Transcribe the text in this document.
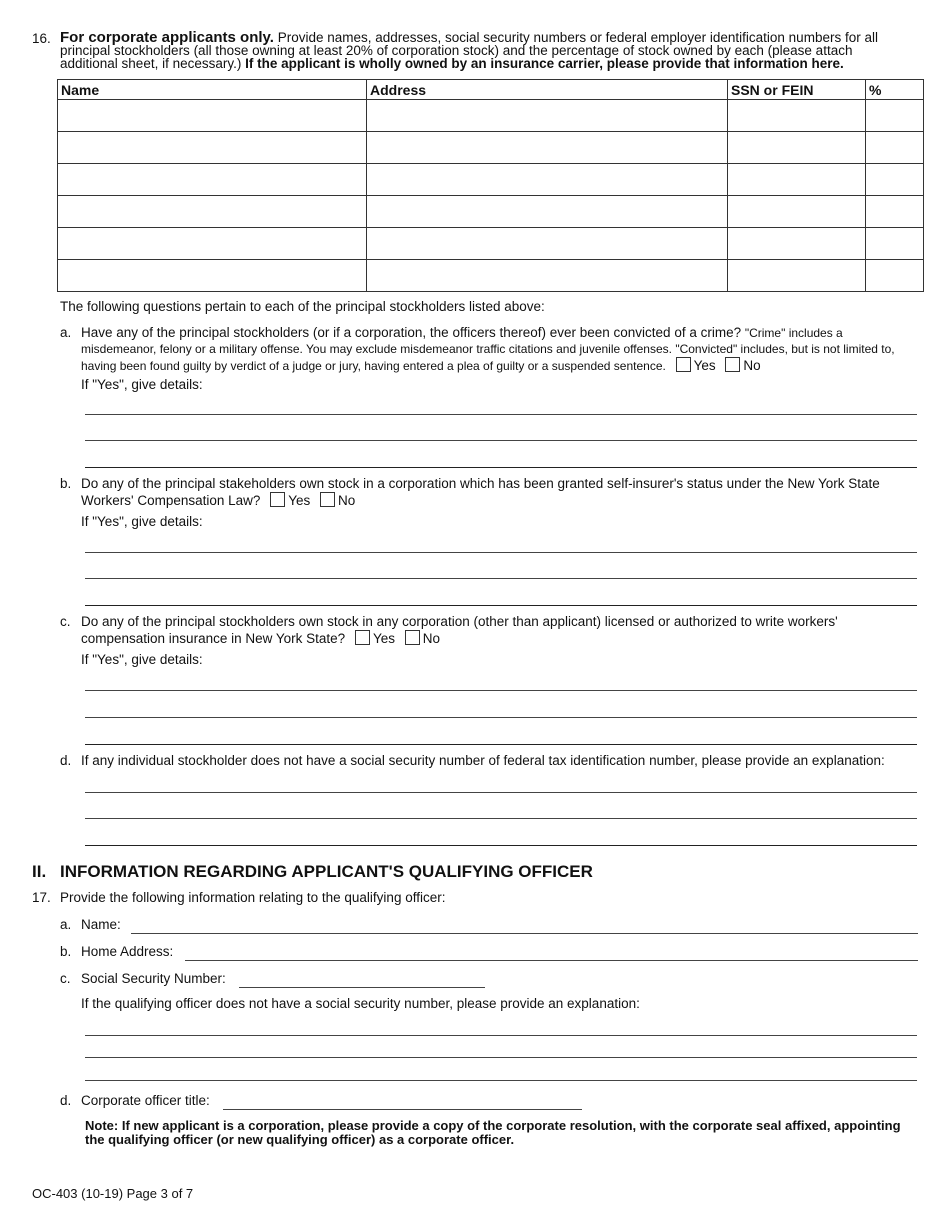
16. For corporate applicants only. Provide names, addresses, social security numbers or federal employer identification numbers for all principal stockholders (all those owning at least 20% of corporation stock) and the percentage of stock owned by each (please attach additional sheet, if necessary.) If the applicant is wholly owned by an insurance carrier, please provide that information here.
Name	Address	SSN or FEIN	%

The following questions pertain to each of the principal stockholders listed above:
a. Have any of the principal stockholders (or if a corporation, the officers thereof) ever been convicted of a crime? "Crime" includes a misdemeanor, felony or a military offense. You may exclude misdemeanor traffic citations and juvenile offenses. "Convicted" includes, but is not limited to, having been found guilty by verdict of a judge or jury, having entered a plea of guilty or a suspended sentence. Yes No
If "Yes", give details:
b. Do any of the principal stakeholders own stock in a corporation which has been granted self-insurer's status under the New York State Workers' Compensation Law? Yes No
If "Yes", give details:
c. Do any of the principal stockholders own stock in any corporation (other than applicant) licensed or authorized to write workers' compensation insurance in New York State? Yes No
If "Yes", give details:
d. If any individual stockholder does not have a social security number of federal tax identification number, please provide an explanation:
II. INFORMATION REGARDING APPLICANT'S QUALIFYING OFFICER
17. Provide the following information relating to the qualifying officer:
a. Name:
b. Home Address:
c. Social Security Number:
If the qualifying officer does not have a social security number, please provide an explanation:
d. Corporate officer title:
Note: If new applicant is a corporation, please provide a copy of the corporate resolution, with the corporate seal affixed, appointing the qualifying officer (or new qualifying officer) as a corporate officer.
OC-403 (10-19) Page 3 of 7
